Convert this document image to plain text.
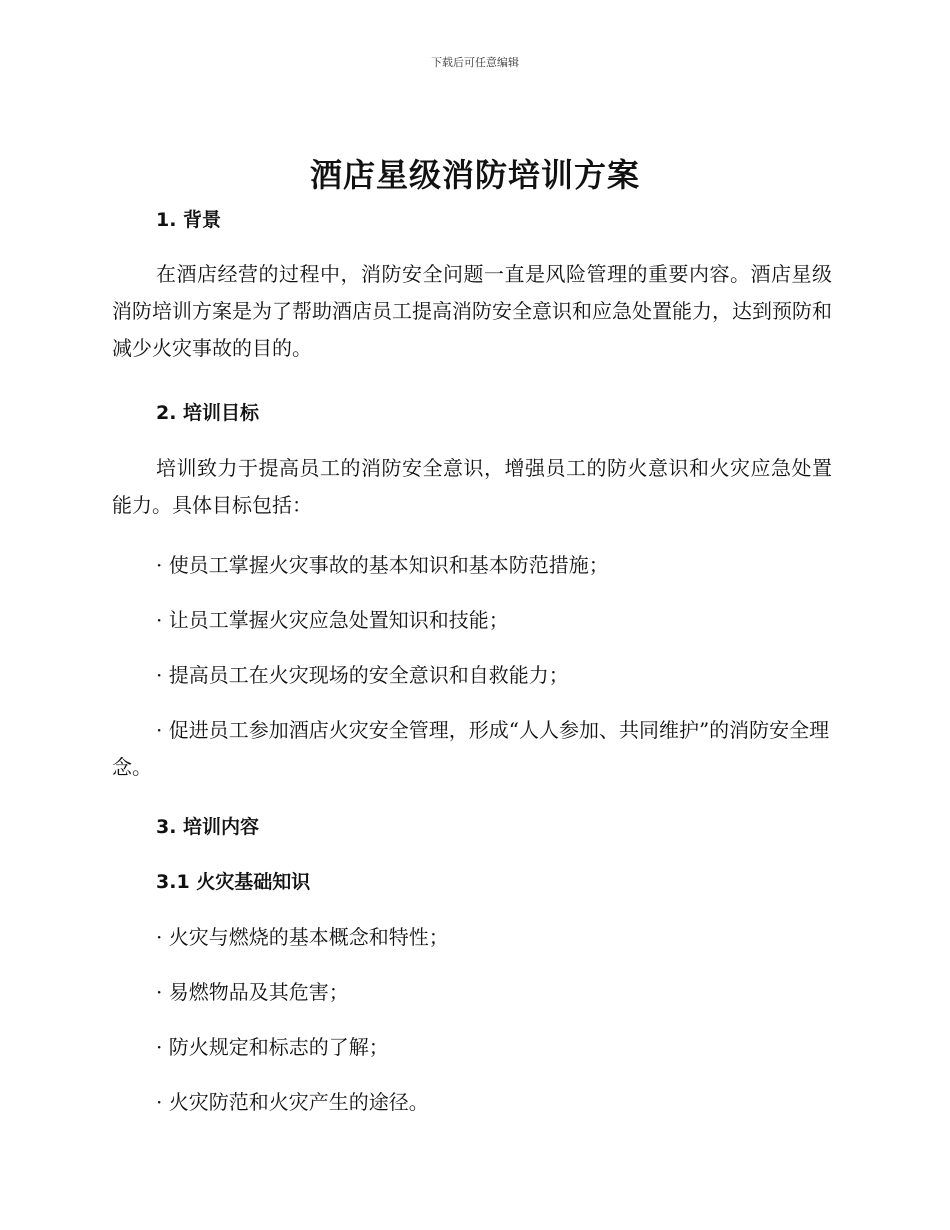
下载后可任意编辑
酒店星级消防培训方案
1. 背景
在酒店经营的过程中，消防安全问题一直是风险管理的重要内容。酒店星级消防培训方案是为了帮助酒店员工提高消防安全意识和应急处置能力，达到预防和减少火灾事故的目的。
2. 培训目标
培训致力于提高员工的消防安全意识，增强员工的防火意识和火灾应急处置能力。具体目标包括：
· 使员工掌握火灾事故的基本知识和基本防范措施；
· 让员工掌握火灾应急处置知识和技能；
· 提高员工在火灾现场的安全意识和自救能力；
· 促进员工参加酒店火灾安全管理，形成“人人参加、共同维护”的消防安全理念。
3. 培训内容
3.1 火灾基础知识
· 火灾与燃烧的基本概念和特性；
· 易燃物品及其危害；
· 防火规定和标志的了解；
· 火灾防范和火灾产生的途径。
